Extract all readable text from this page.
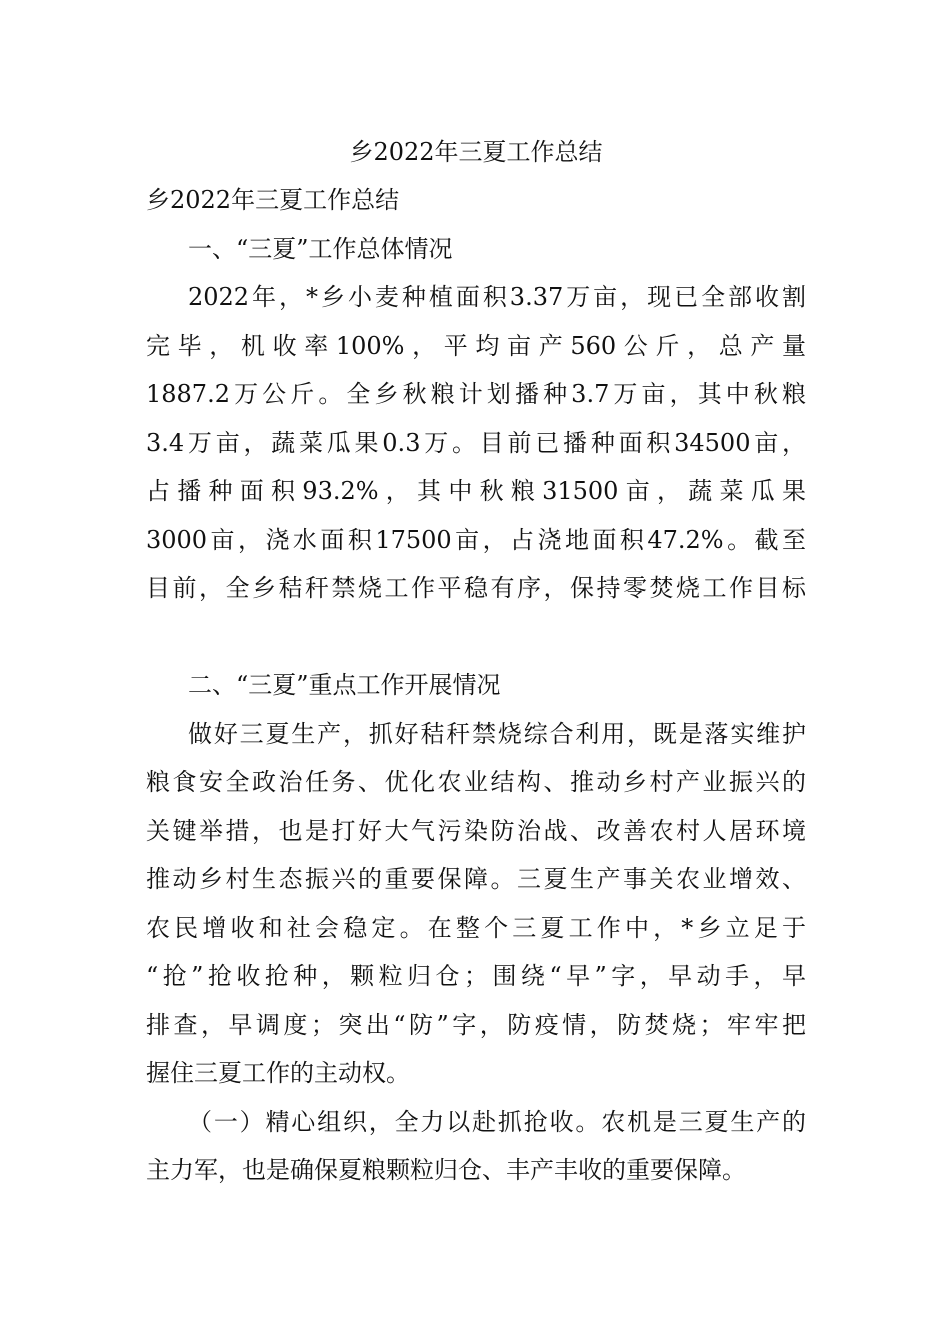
乡2022年三夏工作总结

乡2022年三夏工作总结

一、“三夏”工作总体情况

2022年，*乡小麦种植面积3.37万亩，现已全部收割

完毕，机收率100%，平均亩产560公斤，总产量

1887.2万公斤。全乡秋粮计划播种3.7万亩，其中秋粮

3.4万亩，蔬菜瓜果0.3万。目前已播种面积34500亩，

占播种面积93.2%，其中秋粮31500亩，蔬菜瓜果

3000亩，浇水面积17500亩，占浇地面积47.2%。截至

目前，全乡秸秆禁烧工作平稳有序，保持零焚烧工作目标

二、“三夏”重点工作开展情况

做好三夏生产，抓好秸秆禁烧综合利用，既是落实维护

粮食安全政治任务、优化农业结构、推动乡村产业振兴的

关键举措，也是打好大气污染防治战、改善农村人居环境

推动乡村生态振兴的重要保障。三夏生产事关农业增效、

农民增收和社会稳定。在整个三夏工作中，*乡立足于

“抢”抢收抢种，颗粒归仓；围绕“早”字，早动手，早

排查，早调度；突出“防”字，防疫情，防焚烧；牢牢把

握住三夏工作的主动权。

（一）精心组织，全力以赴抓抢收。农机是三夏生产的

主力军，也是确保夏粮颗粒归仓、丰产丰收的重要保障。
